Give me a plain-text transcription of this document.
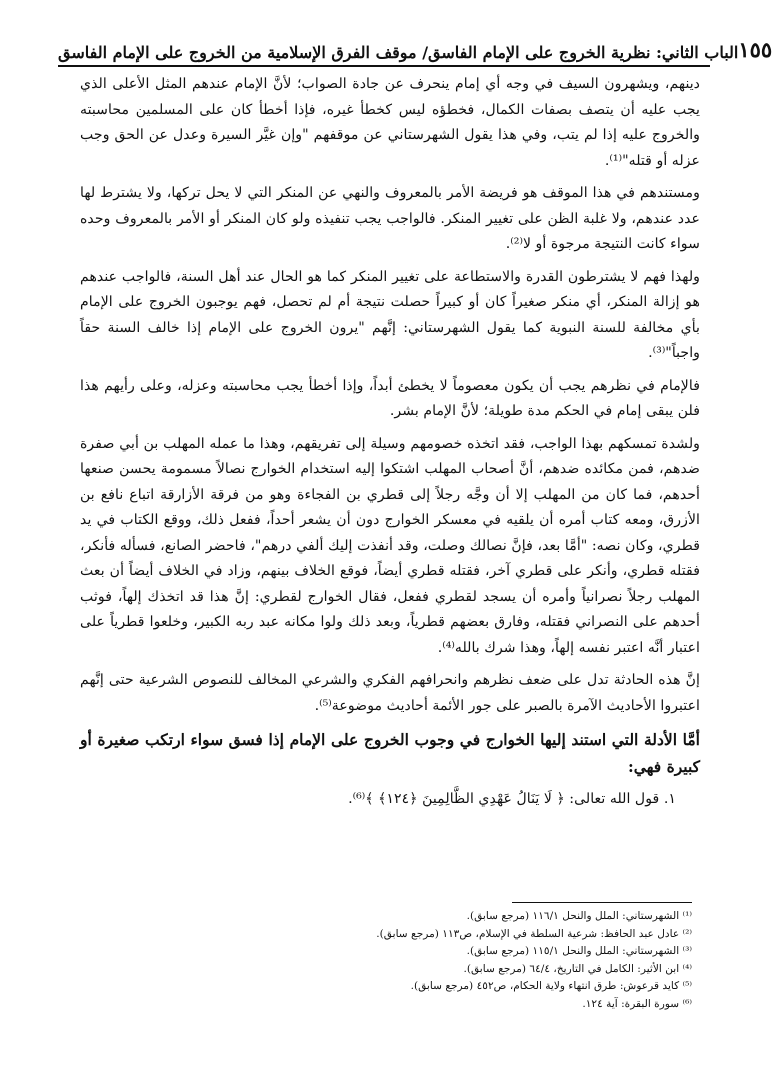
الباب الثاني: نظرية الخروج على الإمام الفاسق/ موقف الفرق الإسلامية من الخروج على الإمام الفاسق ١٥٥

دينهم، ويشهرون السيف في وجه أي إمام ينحرف عن جادة الصواب؛ لأنَّ الإمام عندهم المثل الأعلى الذي يجب عليه أن يتصف بصفات الكمال، فخطؤه ليس كخطأ غيره، فإذا أخطأ كان على المسلمين محاسبته والخروج عليه إذا لم يتب، وفي هذا يقول الشهرستاني عن موقفهم "وإن غيَّر السيرة وعدل عن الحق وجب عزله أو قتله"⁽¹⁾.

ومستندهم في هذا الموقف هو فريضة الأمر بالمعروف والنهي عن المنكر التي لا يحل تركها، ولا يشترط لها عدد عندهم، ولا غلبة الظن على تغيير المنكر. فالواجب يجب تنفيذه ولو كان المنكر أو الأمر بالمعروف وحده سواء كانت النتيجة مرجوة أو لا⁽²⁾.

ولهذا فهم لا يشترطون القدرة والاستطاعة على تغيير المنكر كما هو الحال عند أهل السنة، فالواجب عندهم هو إزالة المنكر، أي منكر صغيراً كان أو كبيراً حصلت نتيجة أم لم تحصل، فهم يوجبون الخروج على الإمام بأي مخالفة للسنة النبوية كما يقول الشهرستاني: إنَّهم "يرون الخروج على الإمام إذا خالف السنة حقاً واجباً"⁽³⁾.

فالإمام في نظرهم يجب أن يكون معصوماً لا يخطئ أبداً، وإذا أخطأ يجب محاسبته وعزله، وعلى رأيهم هذا فلن يبقى إمام في الحكم مدة طويلة؛ لأنَّ الإمام بشر.

ولشدة تمسكهم بهذا الواجب، فقد اتخذه خصومهم وسيلة إلى تفريقهم، وهذا ما عمله المهلب بن أبي صفرة ضدهم، فمن مكائده ضدهم، أنَّ أصحاب المهلب اشتكوا إليه استخدام الخوارج نصالاً مسمومة يحسن صنعها أحدهم، فما كان من المهلب إلا أن وجَّه رجلاً إلى قطري بن الفجاءة وهو من فرقة الأزارقة اتباع نافع بن الأزرق، ومعه كتاب أمره أن يلقيه في معسكر الخوارج دون أن يشعر أحداً، ففعل ذلك، ووقع الكتاب في يد قطري، وكان نصه: "أمَّا بعد، فإنَّ نصالك وصلت، وقد أنفذت إليك ألفي درهم"، فاحضر الصانع، فسأله فأنكر، فقتله قطري، وأنكر على قطري آخر، فقتله قطري أيضاً، فوقع الخلاف بينهم، وزاد في الخلاف أيضاً أن بعث المهلب رجلاً نصرانياً وأمره أن يسجد لقطري ففعل، فقال الخوارج لقطري: إنَّ هذا قد اتخذك إلهاً، فوثب أحدهم على النصراني فقتله، وفارق بعضهم قطرياً، وبعد ذلك ولوا مكانه عبد ربه الكبير، وخلعوا قطرياً على اعتبار أنَّه اعتبر نفسه إلهاً، وهذا شرك بالله⁽⁴⁾.

إنَّ هذه الحادثة تدل على ضعف نظرهم وانحرافهم الفكري والشرعي المخالف للنصوص الشرعية حتى إنَّهم اعتبروا الأحاديث الآمرة بالصبر على جور الأئمة أحاديث موضوعة⁽⁵⁾.

أمَّا الأدلة التي استند إليها الخوارج في وجوب الخروج على الإمام إذا فسق سواء ارتكب صغيرة أو كبيرة فهي:

١. قول الله تعالى: ﴿ لَا يَنَالُ عَهْدِي الظَّالِمِينَ ﴿١٢٤﴾ ﴾⁽⁶⁾.

⁽¹⁾ الشهرستاني: الملل والنحل ١١٦/١ (مرجع سابق).
⁽²⁾ عادل عبد الحافظ: شرعية السلطة في الإسلام، ص١١٣ (مرجع سابق).
⁽³⁾ الشهرستاني: الملل والنحل ١١٥/١ (مرجع سابق).
⁽⁴⁾ ابن الأثير: الكامل في التاريخ، ٦٤/٤ (مرجع سابق).
⁽⁵⁾ كايد قرعوش: طرق انتهاء ولاية الحكام، ص٤٥٢ (مرجع سابق).
⁽⁶⁾ سورة البقرة: آية ١٢٤.
